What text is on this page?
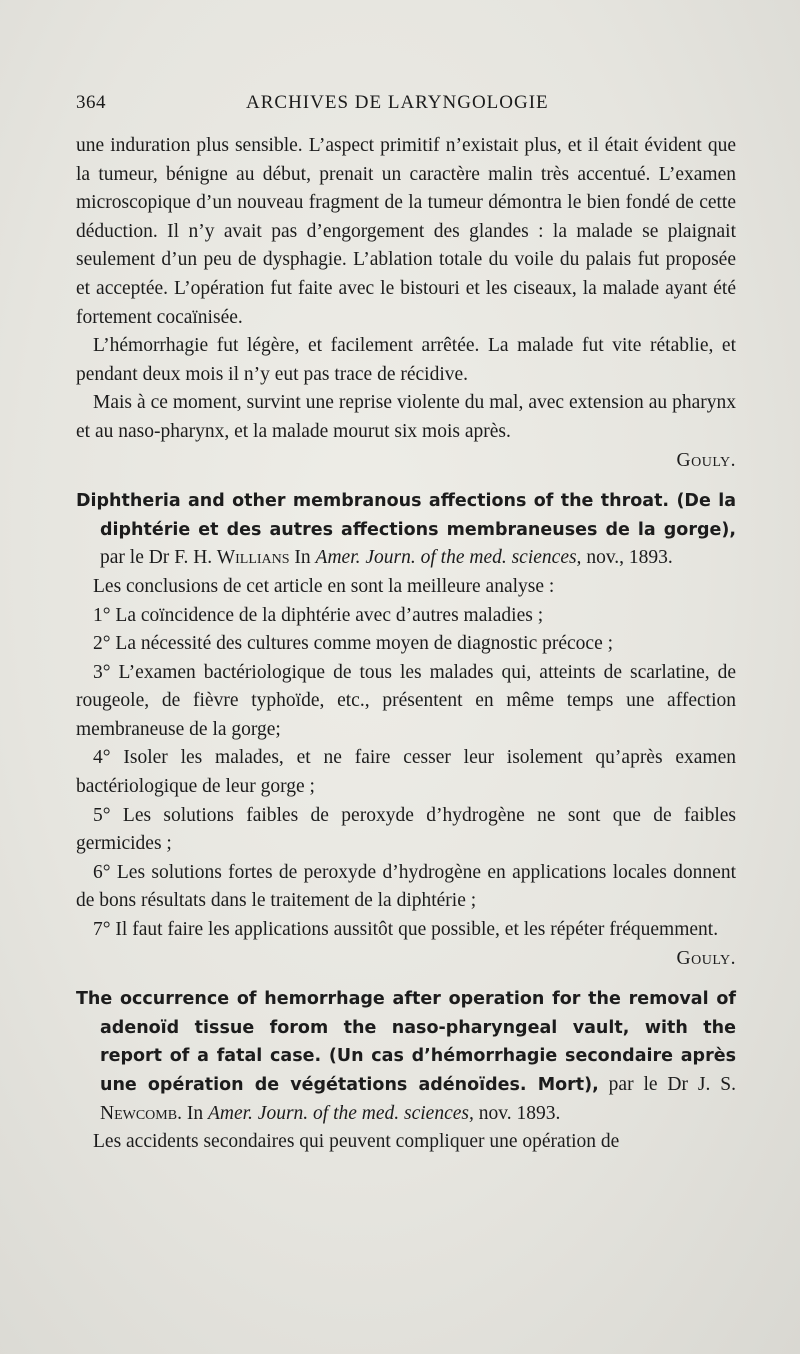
364	ARCHIVES DE LARYNGOLOGIE

une induration plus sensible. L’aspect primitif n’existait plus, et il était évident que la tumeur, bénigne au début, prenait un caractère malin très accentué. L’examen microscopique d’un nouveau fragment de la tumeur démontra le bien fondé de cette déduction. Il n’y avait pas d’engorgement des glandes : la malade se plaignait seulement d’un peu de dysphagie. L’ablation totale du voile du palais fut proposée et acceptée. L’opération fut faite avec le bistouri et les ciseaux, la malade ayant été fortement cocaïnisée.

L’hémorrhagie fut légère, et facilement arrêtée. La malade fut vite rétablie, et pendant deux mois il n’y eut pas trace de récidive.

Mais à ce moment, survint une reprise violente du mal, avec extension au pharynx et au naso-pharynx, et la malade mourut six mois après.

Gouly.

Diphtheria and other membranous affections of the throat. (De la diphtérie et des autres affections membraneuses de la gorge), par le Dr F. H. Willians In Amer. Journ. of the med. sciences, nov., 1893.

Les conclusions de cet article en sont la meilleure analyse :

1° La coïncidence de la diphtérie avec d’autres maladies ;

2° La nécessité des cultures comme moyen de diagnostic précoce ;

3° L’examen bactériologique de tous les malades qui, atteints de scarlatine, de rougeole, de fièvre typhoïde, etc., présentent en même temps une affection membraneuse de la gorge;

4° Isoler les malades, et ne faire cesser leur isolement qu’après examen bactériologique de leur gorge ;

5° Les solutions faibles de peroxyde d’hydrogène ne sont que de faibles germicides ;

6° Les solutions fortes de peroxyde d’hydrogène en applications locales donnent de bons résultats dans le traitement de la diphtérie ;

7° Il faut faire les applications aussitôt que possible, et les répéter fréquemment.

Gouly.

The occurrence of hemorrhage after operation for the removal of adenoïd tissue forom the naso-pharyngeal vault, with the report of a fatal case. (Un cas d’hémorrhagie secondaire après une opération de végétations adénoïdes. Mort), par le Dr J. S. Newcomb. In Amer. Journ. of the med. sciences, nov. 1893.

Les accidents secondaires qui peuvent compliquer une opération de
